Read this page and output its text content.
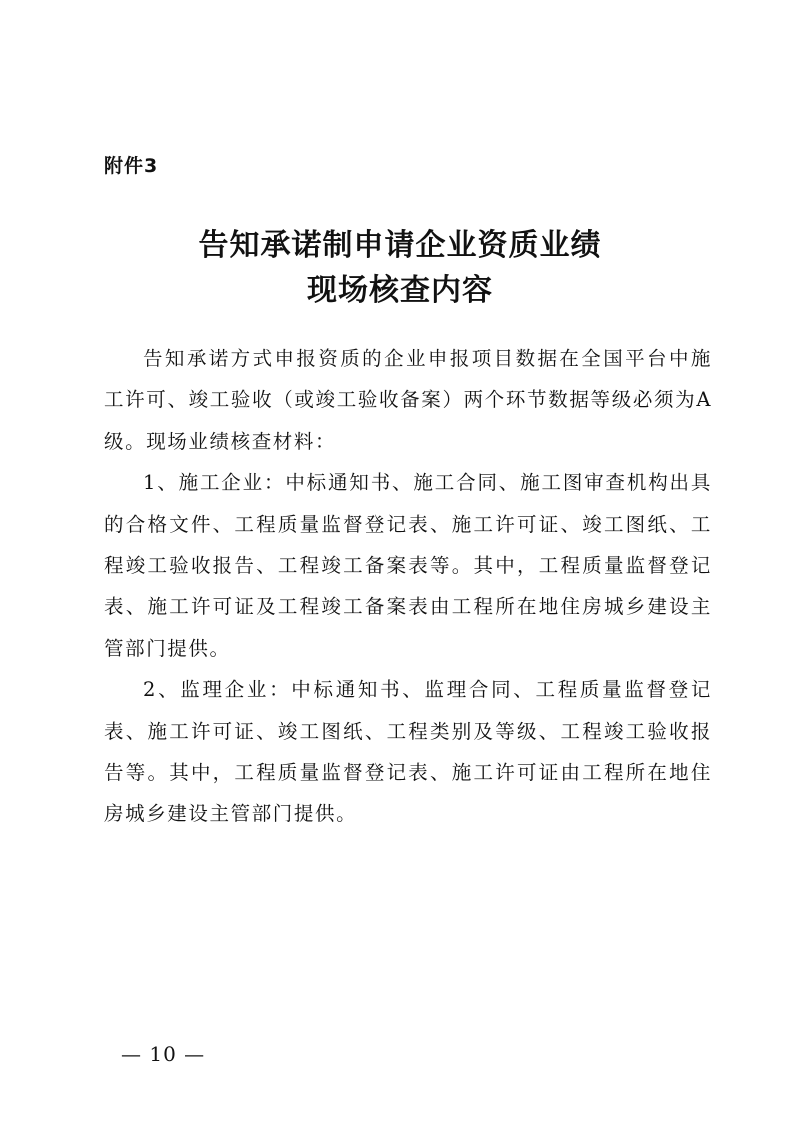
附件3
告知承诺制申请企业资质业绩
现场核查内容

告知承诺方式申报资质的企业申报项目数据在全国平台中施工许可、竣工验收（或竣工验收备案）两个环节数据等级必须为A级。现场业绩核查材料：

1、施工企业：中标通知书、施工合同、施工图审查机构出具的合格文件、工程质量监督登记表、施工许可证、竣工图纸、工程竣工验收报告、工程竣工备案表等。其中，工程质量监督登记表、施工许可证及工程竣工备案表由工程所在地住房城乡建设主管部门提供。

2、监理企业：中标通知书、监理合同、工程质量监督登记表、施工许可证、竣工图纸、工程类别及等级、工程竣工验收报告等。其中，工程质量监督登记表、施工许可证由工程所在地住房城乡建设主管部门提供。

— 10 —
